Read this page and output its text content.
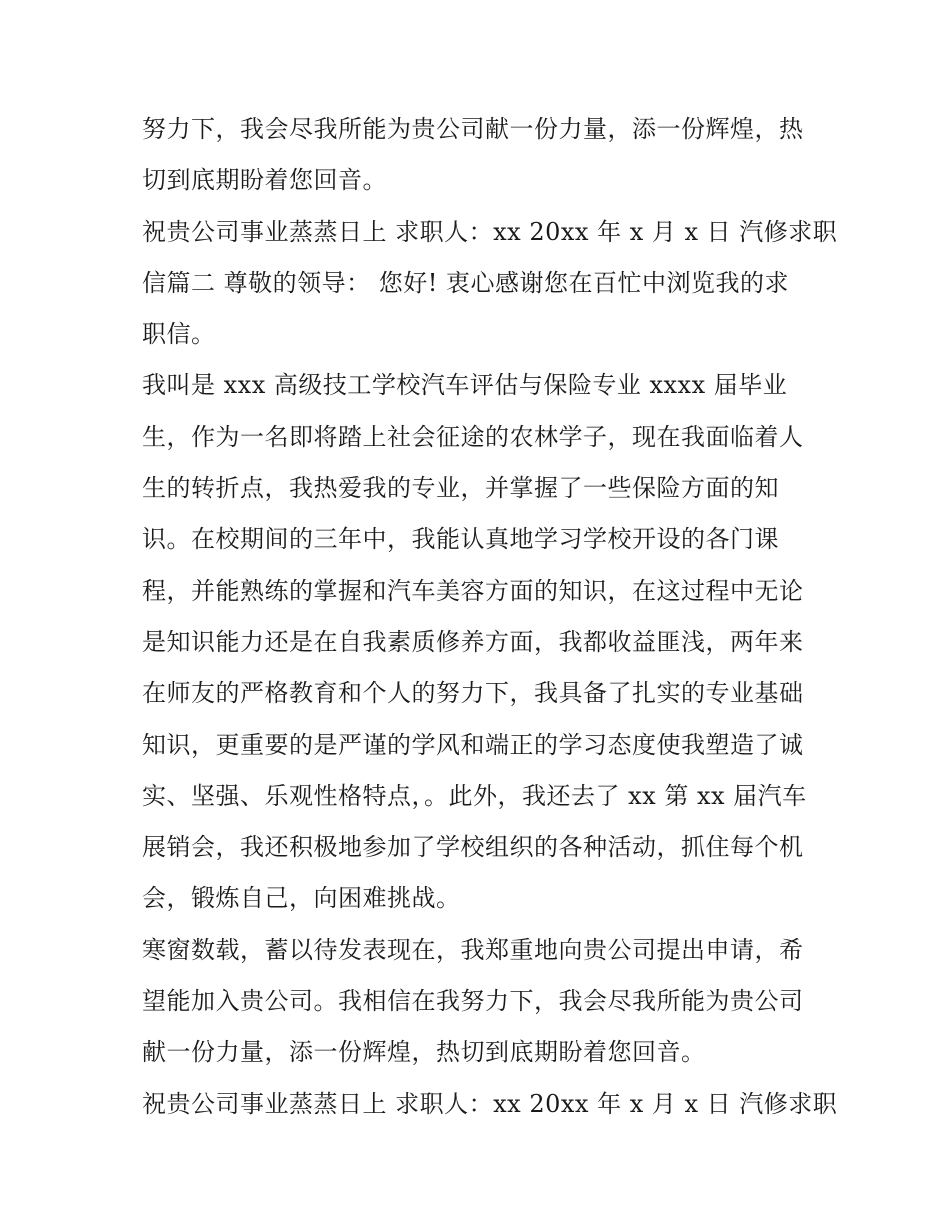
努力下，我会尽我所能为贵公司献一份力量，添一份辉煌，热
切到底期盼着您回音。
祝贵公司事业蒸蒸日上 求职人：xx 20xx 年 x 月 x 日 汽修求职
信篇二 尊敬的领导： 您好! 衷心感谢您在百忙中浏览我的求
职信。
我叫是 xxx 高级技工学校汽车评估与保险专业 xxxx 届毕业
生，作为一名即将踏上社会征途的农林学子，现在我面临着人
生的转折点，我热爱我的专业，并掌握了一些保险方面的知
识。在校期间的三年中，我能认真地学习学校开设的各门课
程，并能熟练的掌握和汽车美容方面的知识，在这过程中无论
是知识能力还是在自我素质修养方面，我都收益匪浅，两年来
在师友的严格教育和个人的努力下，我具备了扎实的专业基础
知识，更重要的是严谨的学风和端正的学习态度使我塑造了诚
实、坚强、乐观性格特点，。此外，我还去了 xx 第 xx 届汽车
展销会，我还积极地参加了学校组织的各种活动，抓住每个机
会，锻炼自己，向困难挑战。
寒窗数载，蓄以待发表现在，我郑重地向贵公司提出申请，希
望能加入贵公司。我相信在我努力下，我会尽我所能为贵公司
献一份力量，添一份辉煌，热切到底期盼着您回音。
祝贵公司事业蒸蒸日上 求职人：xx 20xx 年 x 月 x 日 汽修求职
